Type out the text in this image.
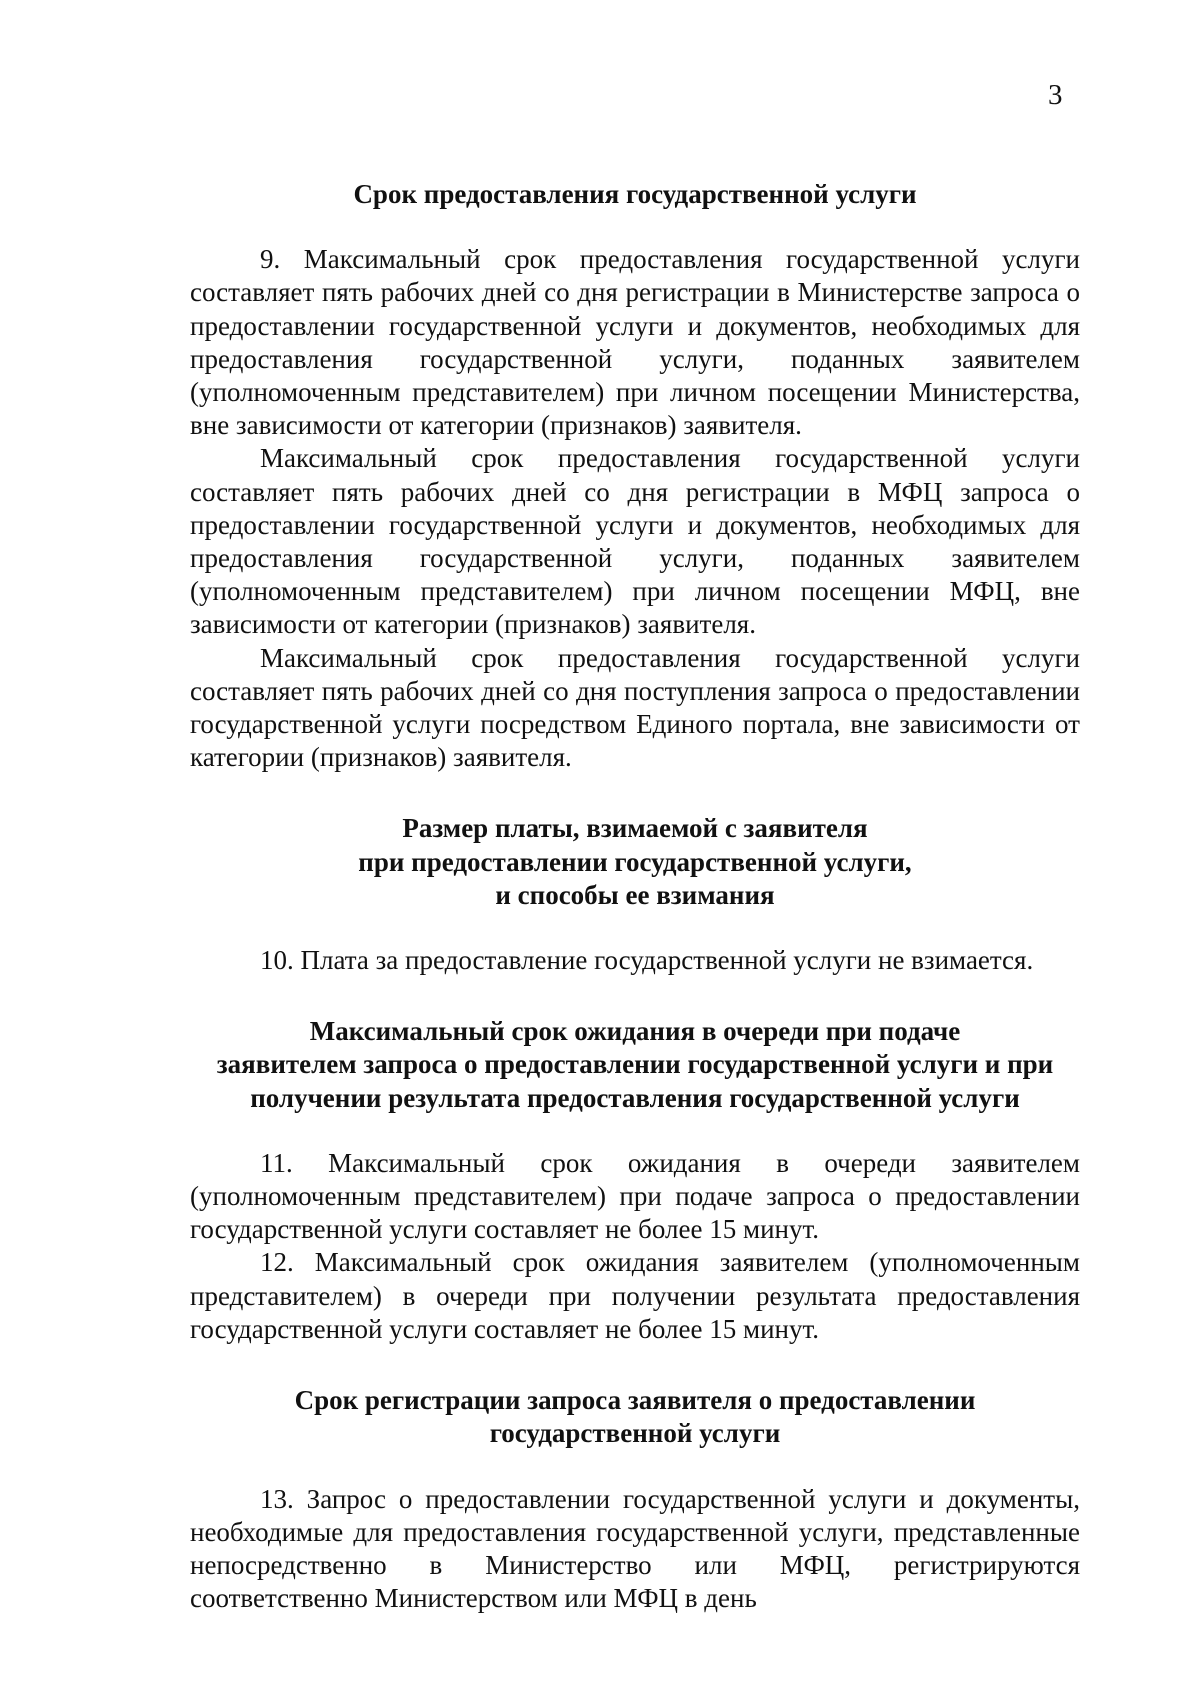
3
Срок предоставления государственной услуги

9. Максимальный срок предоставления государственной услуги составляет пять рабочих дней со дня регистрации в Министерстве запроса о предоставлении государственной услуги и документов, необходимых для предоставления государственной услуги, поданных заявителем (уполномоченным представителем) при личном посещении Министерства, вне зависимости от категории (признаков) заявителя.

Максимальный срок предоставления государственной услуги составляет пять рабочих дней со дня регистрации в МФЦ запроса о предоставлении государственной услуги и документов, необходимых для предоставления государственной услуги, поданных заявителем (уполномоченным представителем) при личном посещении МФЦ, вне зависимости от категории (признаков) заявителя.

Максимальный срок предоставления государственной услуги составляет пять рабочих дней со дня поступления запроса о предоставлении государственной услуги посредством Единого портала, вне зависимости от категории (признаков) заявителя.

Размер платы, взимаемой с заявителя
при предоставлении государственной услуги,
и способы ее взимания

10. Плата за предоставление государственной услуги не взимается.

Максимальный срок ожидания в очереди при подаче
заявителем запроса о предоставлении государственной услуги и при
получении результата предоставления государственной услуги

11. Максимальный срок ожидания в очереди заявителем (уполномоченным представителем) при подаче запроса о предоставлении государственной услуги составляет не более 15 минут.

12. Максимальный срок ожидания заявителем (уполномоченным представителем) в очереди при получении результата предоставления государственной услуги составляет не более 15 минут.

Срок регистрации запроса заявителя о предоставлении
государственной услуги

13. Запрос о предоставлении государственной услуги и документы, необходимые для предоставления государственной услуги, представленные непосредственно в Министерство или МФЦ, регистрируются соответственно Министерством или МФЦ в день
